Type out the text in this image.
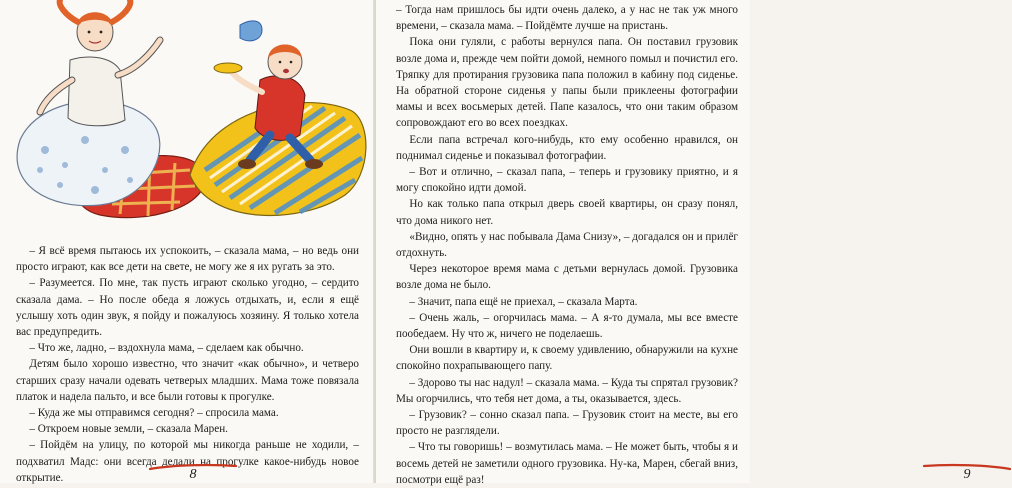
– Я всё время пытаюсь их успокоить, – сказала мама, – но ведь они просто играют, как все дети на свете, не могу же я их ругать за это.

– Разумеется. По мне, так пусть играют сколько угодно, – сердито сказала дама. – Но после обеда я ложусь отдыхать, и, если я ещё услышу хоть один звук, я пойду и пожалуюсь хозяину. Я только хотела вас предупредить.

– Что же, ладно, – вздохнула мама, – сделаем как обычно.

Детям было хорошо известно, что значит «как обычно», и четверо старших сразу начали одевать четверых младших. Мама тоже повязала платок и надела пальто, и все были готовы к прогулке.

– Куда же мы отправимся сегодня? – спросила мама.

– Откроем новые земли, – сказала Марен.

– Пойдём на улицу, по которой мы никогда раньше не ходили, – подхватил Мадс: они всегда делали на прогулке какое-нибудь новое открытие.	8	9

– Тогда нам пришлось бы идти очень далеко, а у нас не так уж много времени, – сказала мама. – Пойдёмте лучше на пристань.

Пока они гуляли, с работы вернулся папа. Он поставил грузовик возле дома и, прежде чем пойти домой, немного помыл и почистил его. Тряпку для протирания грузовика папа положил в кабину под сиденье. На обратной стороне сиденья у папы были приклеены фотографии мамы и всех восьмерых детей. Папе казалось, что они таким образом сопровождают его во всех поездках.

Если папа встречал кого-нибудь, кто ему особенно нравился, он поднимал сиденье и показывал фотографии.

– Вот и отлично, – сказал папа, – теперь и грузовику приятно, и я могу спокойно идти домой.

Но как только папа открыл дверь своей квартиры, он сразу понял, что дома никого нет.

«Видно, опять у нас побывала Дама Снизу», – догадался он и прилёг отдохнуть.

Через некоторое время мама с детьми вернулась домой. Грузовика возле дома не было.

– Значит, папа ещё не приехал, – сказала Марта.

– Очень жаль, – огорчилась мама. – А я-то думала, мы все вместе пообедаем. Ну что ж, ничего не поделаешь.

Они вошли в квартиру и, к своему удивлению, обнаружили на кухне спокойно похрапывающего папу.

– Здорово ты нас надул! – сказала мама. – Куда ты спрятал грузовик? Мы огорчились, что тебя нет дома, а ты, оказывается, здесь.

– Грузовик? – сонно сказал папа. – Грузовик стоит на месте, вы его просто не разглядели.

– Что ты говоришь! – возмутилась мама. – Не может быть, чтобы я и восемь детей не заметили одного грузовика. Ну-ка, Марен, сбегай вниз, посмотри ещё раз!
